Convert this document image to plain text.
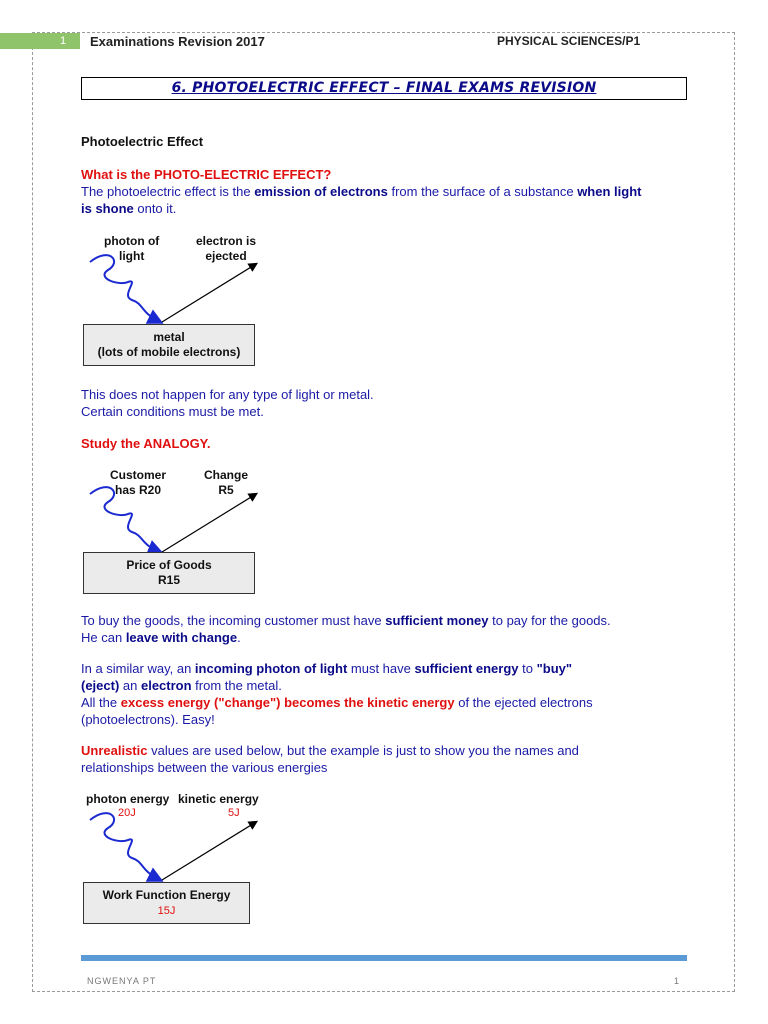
1 Examinations Revision 2017	PHYSICAL SCIENCES/P1
6. PHOTOELECTRIC EFFECT – FINAL EXAMS REVISION
Photoelectric Effect
What is the PHOTO-ELECTRIC EFFECT?
The photoelectric effect is the emission of electrons from the surface of a substance when light
is shone onto it.
photon of
light
electron is
ejected
metal
(lots of mobile electrons)
This does not happen for any type of light or metal.
Certain conditions must be met.
Study the ANALOGY.
Customer
has R20
Change
R5
Price of Goods
R15
To buy the goods, the incoming customer must have sufficient money to pay for the goods.
He can leave with change.
In a similar way, an incoming photon of light must have sufficient energy to "buy"
(eject) an electron from the metal.
All the excess energy ("change") becomes the kinetic energy of the ejected electrons
(photoelectrons). Easy!
Unrealistic values are used below, but the example is just to show you the names and
relationships between the various energies
photon energy
20J
kinetic energy
5J
Work Function Energy
15J
NGWENYA PT	1
